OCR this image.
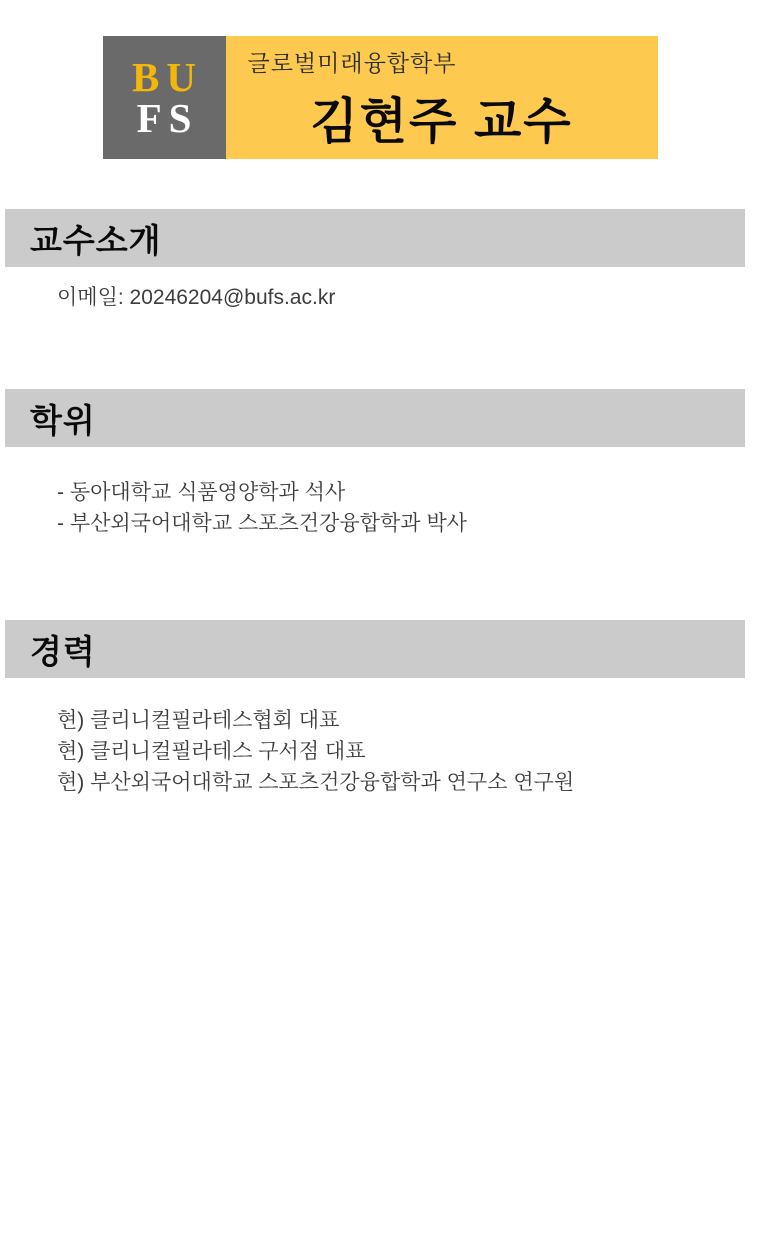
BU
FS
글로벌미래융합학부
김현주 교수
교수소개

이메일: 20246204@bufs.ac.kr

학위

- 동아대학교 식품영양학과 석사

- 부산외국어대학교 스포츠건강융합학과 박사

경력

현) 클리니컬필라테스협회 대표

현) 클리니컬필라테스 구서점 대표

현) 부산외국어대학교 스포츠건강융합학과 연구소 연구원
